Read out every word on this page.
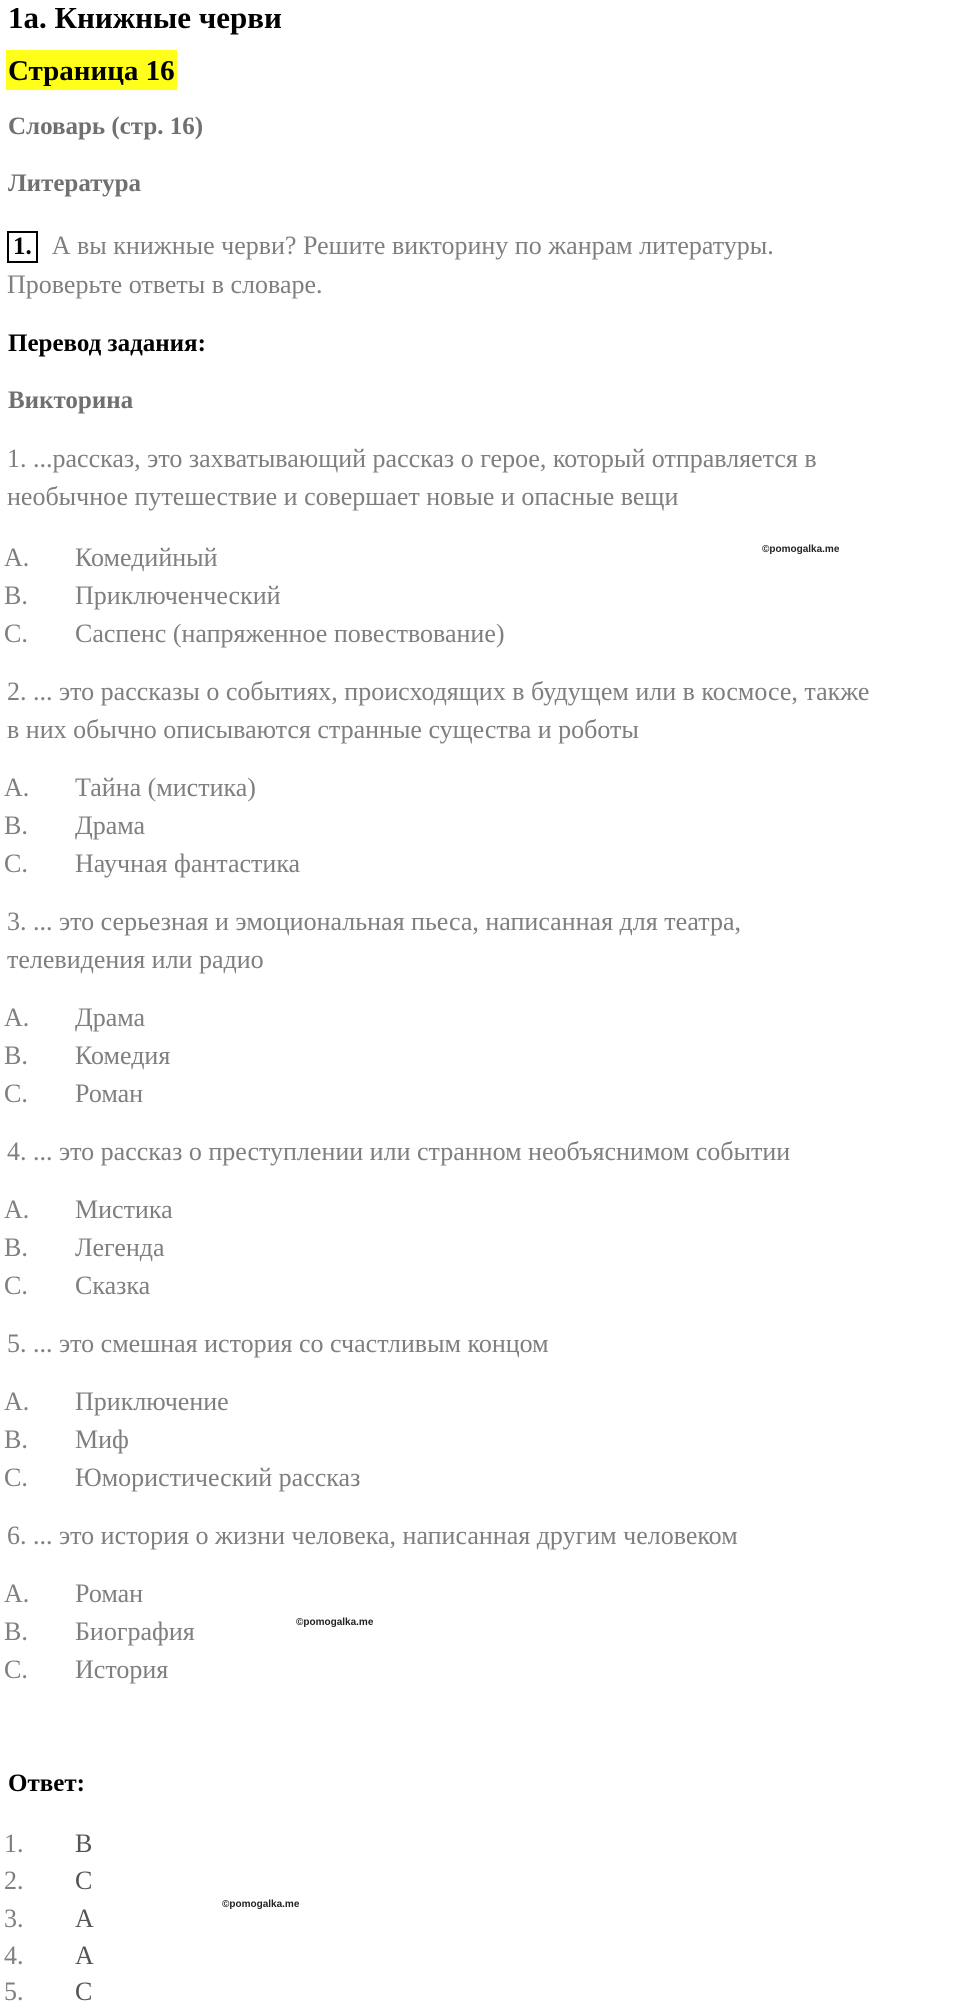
1a. Книжные черви
Страница 16
Словарь (стр. 16)
Литература
1. А вы книжные черви? Решите викторину по жанрам литературы.
Проверьте ответы в словаре.
Перевод задания:
Викторина
1. ...рассказ, это захватывающий рассказ о герое, который отправляется в
необычное путешествие и совершает новые и опасные вещи
A. Комедийный
B. Приключенческий
C. Саспенс (напряженное повествование)
2. ... это рассказы о событиях, происходящих в будущем или в космосе, также
в них обычно описываются странные существа и роботы
A. Тайна (мистика)
B. Драма
C. Научная фантастика
3. ... это серьезная и эмоциональная пьеса, написанная для театра,
телевидения или радио
A. Драма
B. Комедия
C. Роман
4. ... это рассказ о преступлении или странном необъяснимом событии
A. Мистика
B. Легенда
C. Сказка
5. ... это смешная история со счастливым концом
A. Приключение
B. Миф
C. Юмористический рассказ
6. ... это история о жизни человека, написанная другим человеком
A. Роман
B. Биография
C. История
Ответ:
1. B
2. C
3. A
4. A
5. C
©pomogalka.me
©pomogalka.me
©pomogalka.me
